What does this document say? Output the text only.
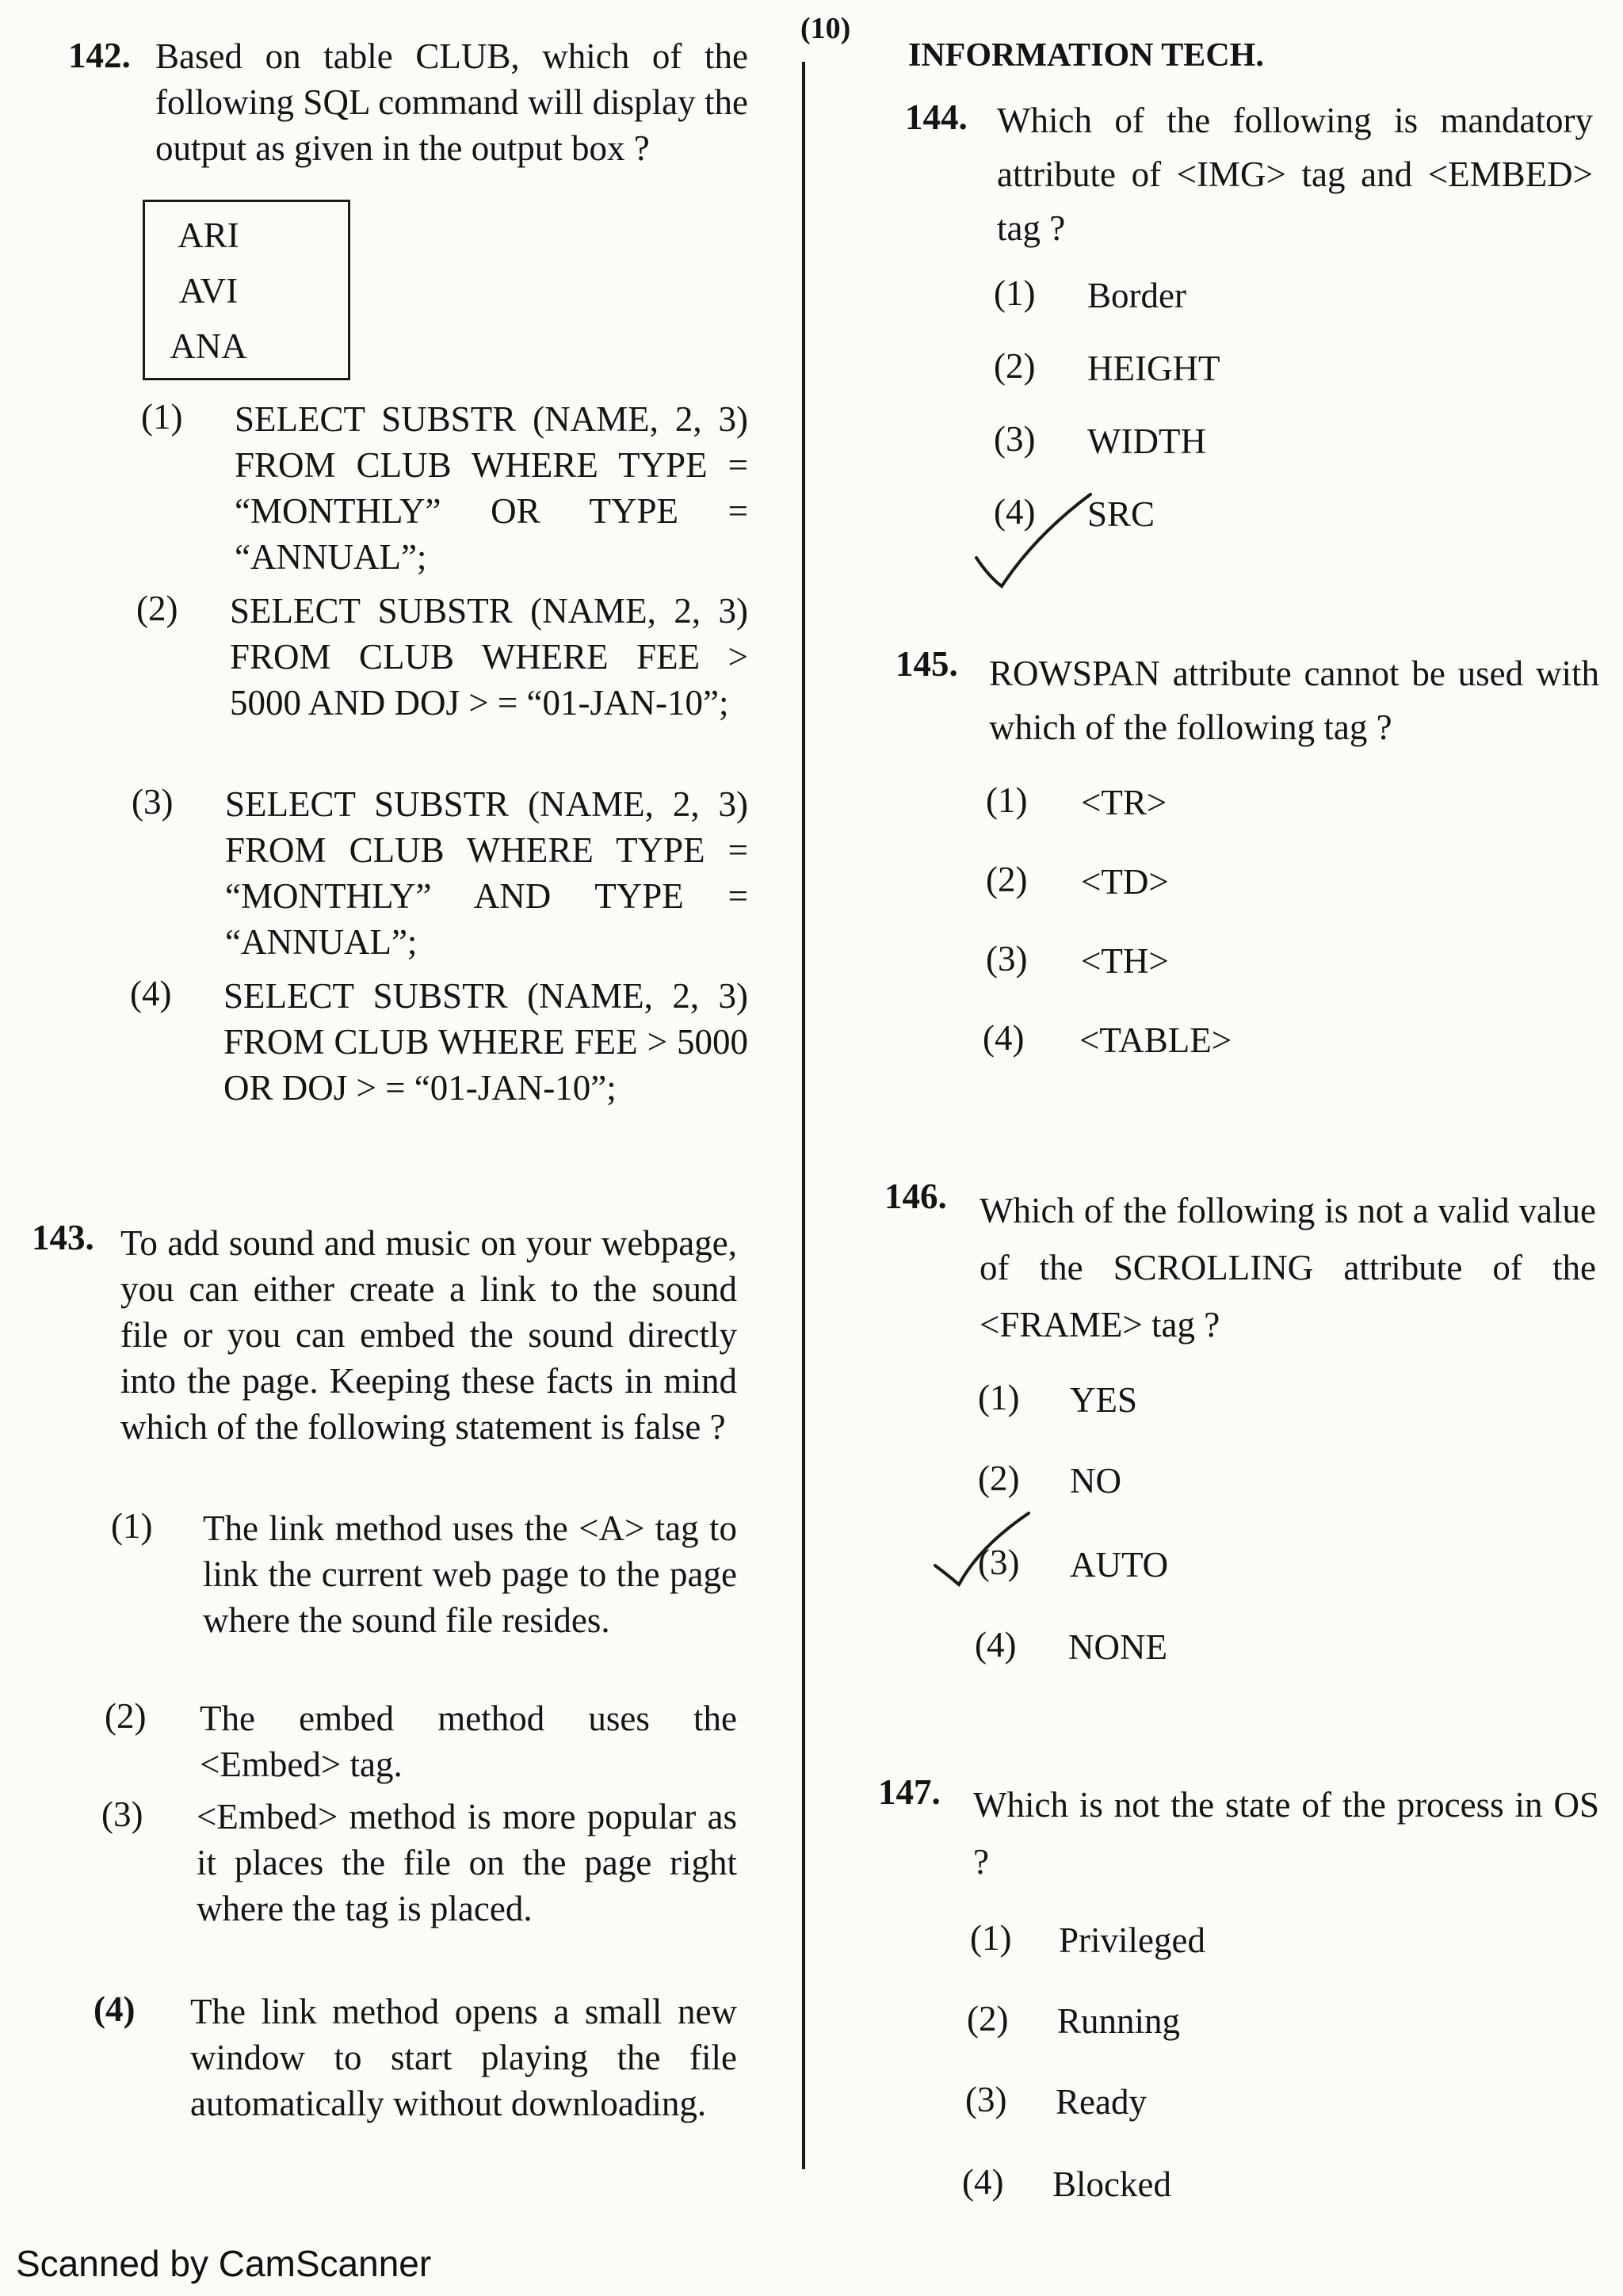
(10)
INFORMATION TECH.
142. Based on table CLUB, which of the following SQL command will display the output as given in the output box ?
ARI
AVI
ANA
(1) SELECT SUBSTR (NAME, 2, 3) FROM CLUB WHERE TYPE = “MONTHLY” OR TYPE = “ANNUAL”;
(2) SELECT SUBSTR (NAME, 2, 3) FROM CLUB WHERE FEE > 5000 AND DOJ > = “01-JAN-10”;
(3) SELECT SUBSTR (NAME, 2, 3) FROM CLUB WHERE TYPE = “MONTHLY” AND TYPE = “ANNUAL”;
(4) SELECT SUBSTR (NAME, 2, 3) FROM CLUB WHERE FEE > 5000 OR DOJ > = “01-JAN-10”;
143. To add sound and music on your webpage, you can either create a link to the sound file or you can embed the sound directly into the page. Keeping these facts in mind which of the following statement is false ?
(1) The link method uses the <A> tag to link the current web page to the page where the sound file resides.
(2) The embed method uses the <Embed> tag.
(3) <Embed> method is more popular as it places the file on the page right where the tag is placed.
(4) The link method opens a small new window to start playing the file automatically without downloading.
144. Which of the following is mandatory attribute of <IMG> tag and <EMBED> tag ?
(1) Border
(2) HEIGHT
(3) WIDTH
(4) SRC
145. ROWSPAN attribute cannot be used with which of the following tag ?
(1) <TR>
(2) <TD>
(3) <TH>
(4) <TABLE>
146. Which of the following is not a valid value of the SCROLLING attribute of the <FRAME> tag ?
(1) YES
(2) NO
(3) AUTO
(4) NONE
147. Which is not the state of the process in OS ?
(1) Privileged
(2) Running
(3) Ready
(4) Blocked
Scanned by CamScanner
